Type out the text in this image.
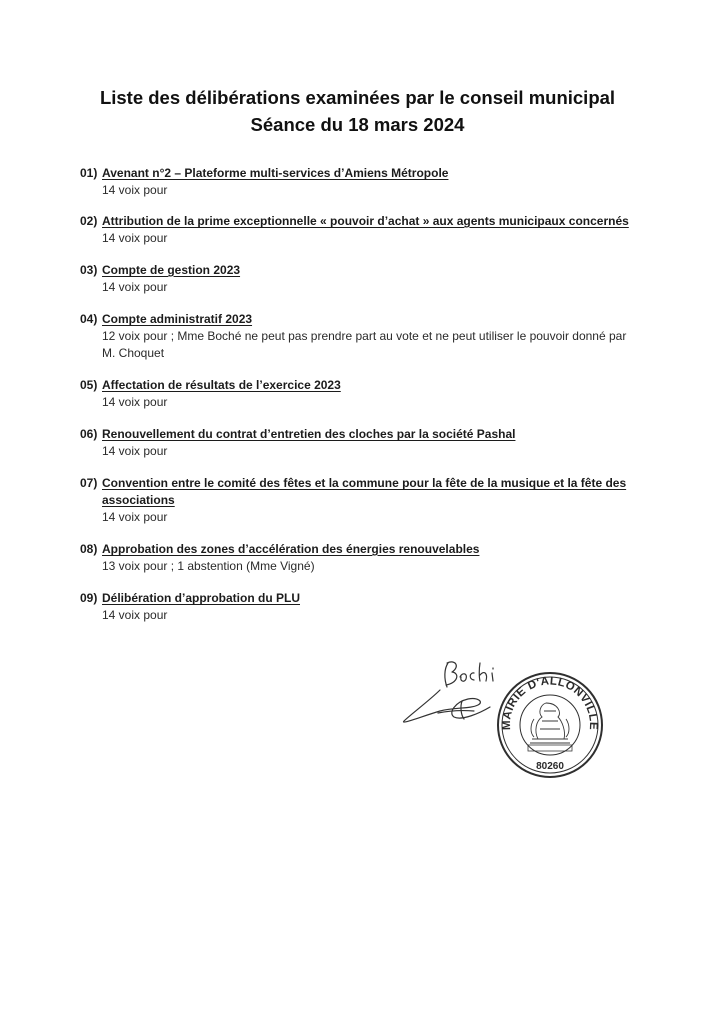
Liste des délibérations examinées par le conseil municipal
Séance du 18 mars 2024
01) Avenant n°2 – Plateforme multi-services d’Amiens Métropole
14 voix pour
02) Attribution de la prime exceptionnelle « pouvoir d’achat » aux agents municipaux concernés
14 voix pour
03) Compte de gestion 2023
14 voix pour
04) Compte administratif 2023
12 voix pour ; Mme Boché ne peut pas prendre part au vote et ne peut utiliser le pouvoir donné par M. Choquet
05) Affectation de résultats de l’exercice 2023
14 voix pour
06) Renouvellement du contrat d’entretien des cloches par la société Pashal
14 voix pour
07) Convention entre le comité des fêtes et la commune pour la fête de la musique et la fête des associations
14 voix pour
08) Approbation des zones d’accélération des énergies renouvelables
13 voix pour ; 1 abstention (Mme Vigné)
09) Délibération d’approbation du PLU
14 voix pour
MAIRIE D'ALLONVILLE
80260
